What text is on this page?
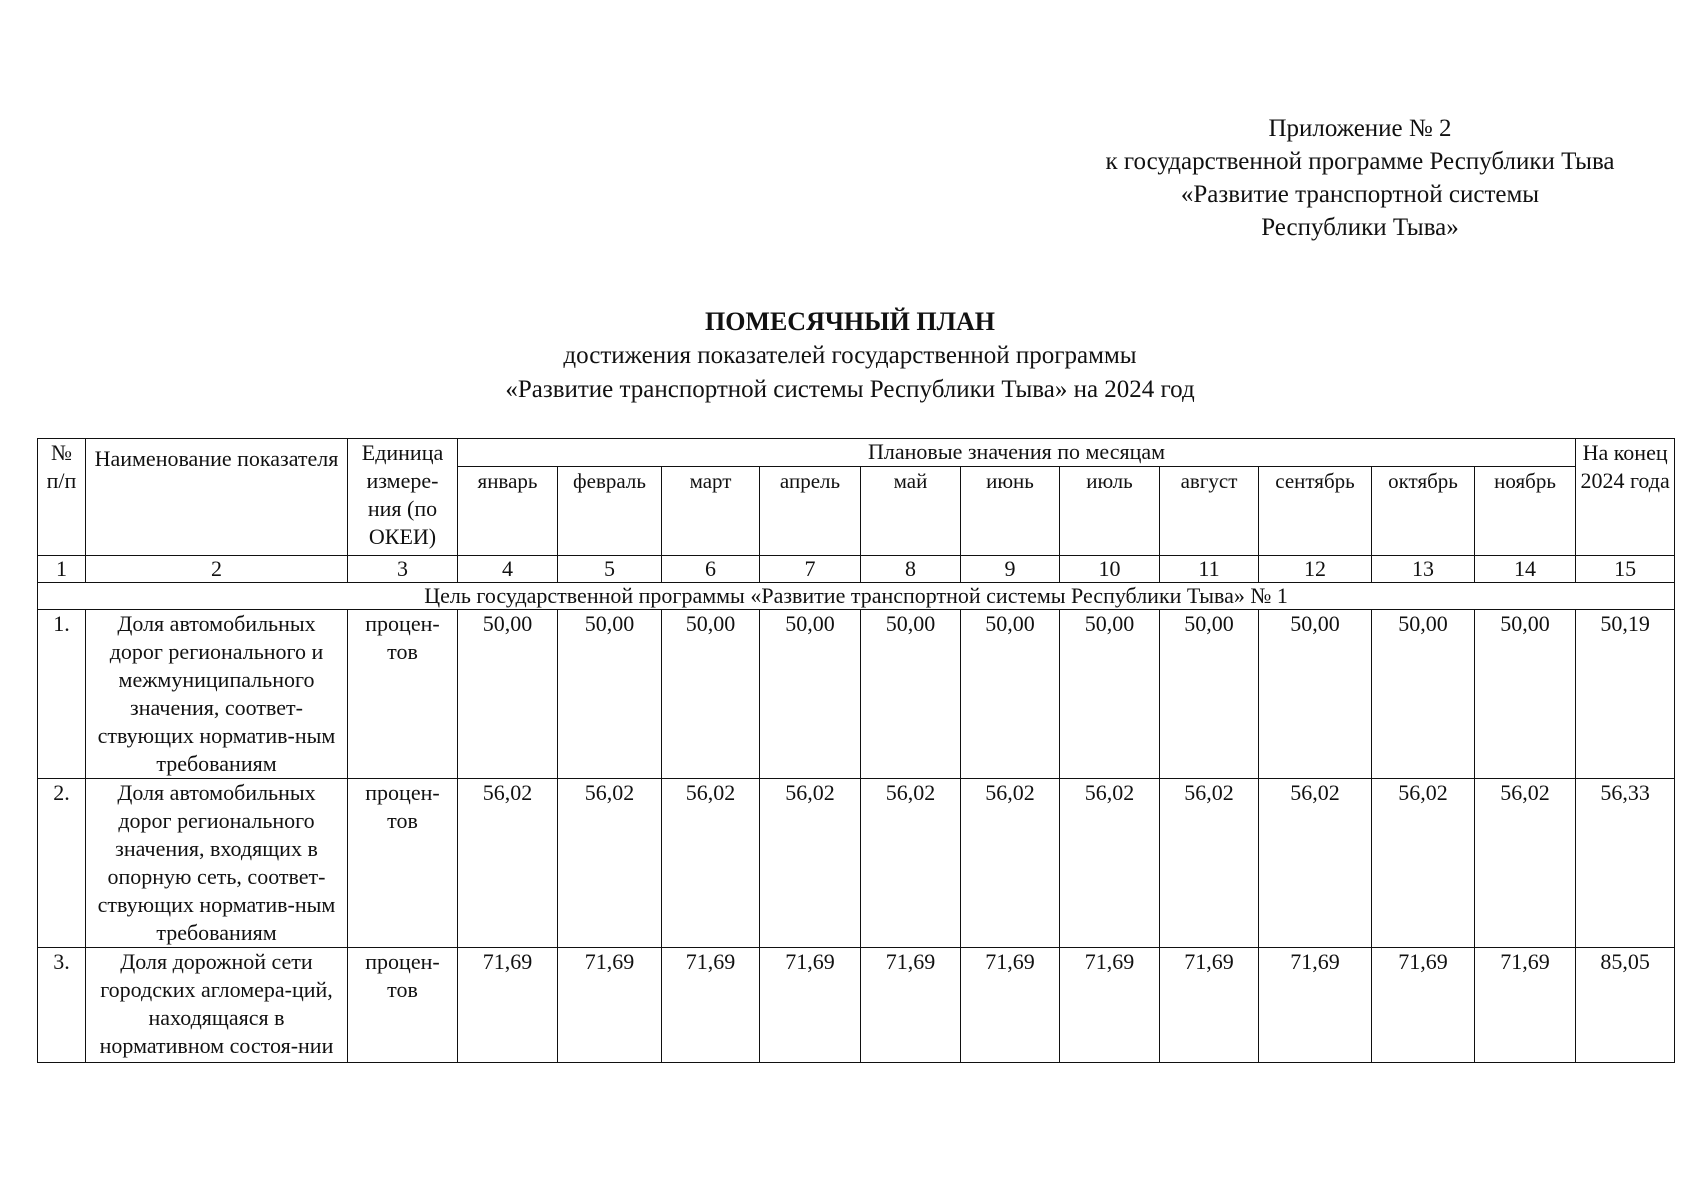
Приложение № 2
к государственной программе Республики Тыва
«Развитие транспортной системы
Республики Тыва»
ПОМЕСЯЧНЫЙ ПЛАН
достижения показателей государственной программы
«Развитие транспортной системы Республики Тыва» на 2024 год
№ п/п	Наименование показателя	Единица измере-ния (по ОКЕИ)	Плановые значения по месяцам											На конец 2024 года
			январь	февраль	март	апрель	май	июнь	июль	август	сентябрь	октябрь	ноябрь	
1	2	3	4	5	6	7	8	9	10	11	12	13	14	15
Цель государственной программы «Развитие транспортной системы Республики Тыва» № 1														
1.	Доля автомобильных дорог регионального и межмуниципального значения, соответ-ствующих норматив-ным требованиям	процен-тов	50,00	50,00	50,00	50,00	50,00	50,00	50,00	50,00	50,00	50,00	50,00	50,19
2.	Доля автомобильных дорог регионального значения, входящих в опорную сеть, соответ-ствующих норматив-ным требованиям	процен-тов	56,02	56,02	56,02	56,02	56,02	56,02	56,02	56,02	56,02	56,02	56,02	56,33
3.	Доля дорожной сети городских агломера-ций, находящаяся в нормативном состоя-нии	процен-тов	71,69	71,69	71,69	71,69	71,69	71,69	71,69	71,69	71,69	71,69	71,69	85,05
